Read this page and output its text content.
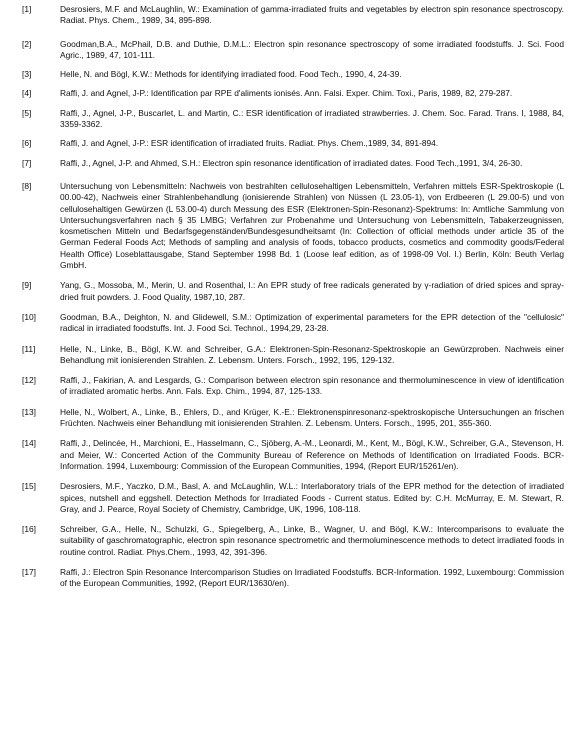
[1]	Desrosiers, M.F. and McLaughlin, W.: Examination of gamma-irradiated fruits and vegetables by electron spin resonance spectroscopy. Radiat. Phys. Chem., 1989, 34, 895-898.
[2]	Goodman,B.A., McPhail, D.B. and Duthie, D.M.L.: Electron spin resonance spectroscopy of some irradiated foodstuffs. J. Sci. Food Agric., 1989, 47, 101-111.
[3]	Helle, N. and Bögl, K.W.: Methods for identifying irradiated food. Food Tech., 1990, 4, 24-39.
[4]	Raffi, J. and Agnel, J-P.: Identification par RPE d'aliments ionisés. Ann. Falsi. Exper. Chim. Toxi., Paris, 1989, 82, 279-287.
[5]	Raffi, J., Agnel, J-P., Buscarlet, L. and Martin, C.: ESR identification of irradiated strawberries. J. Chem. Soc. Farad. Trans. I, 1988, 84, 3359-3362.
[6]	Raffi, J. and Agnel, J-P.: ESR identification of irradiated fruits. Radiat. Phys. Chem.,1989, 34, 891-894.
[7]	Raffi, J., Agnel, J-P. and Ahmed, S.H.: Electron spin resonance identification of irradiated dates. Food Tech.,1991, 3/4, 26-30.
[8]	Untersuchung von Lebensmitteln: Nachweis von bestrahlten cellulosehaltigen Lebensmitteln, Verfahren mittels ESR-Spektroskopie (L 00.00-42), Nachweis einer Strahlenbehandlung (ionisierende Strahlen) von Nüssen (L 23.05-1), von Erdbeeren (L 29.00-5) und von cellulosehaltigen Gewürzen (L 53.00-4) durch Messung des ESR (Elektronen-Spin-Resonanz)-Spektrums: In: Amtliche Sammlung von Untersuchungsverfahren nach § 35 LMBG; Verfahren zur Probenahme und Untersuchung von Lebensmitteln, Tabakerzeugnissen, kosmetischen Mitteln und Bedarfsgegenständen/Bundesgesundheitsamt (In: Collection of official methods under article 35 of the German Federal Foods Act; Methods of sampling and analysis of foods, tobacco products, cosmetics and commodity goods/Federal Health Office) Loseblattausgabe, Stand September 1998 Bd. 1 (Loose leaf edition, as of 1998-09 Vol. I.) Berlin, Köln: Beuth Verlag GmbH.
[9]	Yang, G., Mossoba, M., Merin, U. and Rosenthal, I.: An EPR study of free radicals generated by γ-radiation of dried spices and spray-dried fruit powders. J. Food Quality, 1987,10, 287.
[10]	Goodman, B.A., Deighton, N. and Glidewell, S.M.: Optimization of experimental parameters for the EPR detection of the "cellulosic" radical in irradiated foodstuffs. Int. J. Food Sci. Technol., 1994,29, 23-28.
[11]	Helle, N., Linke, B., Bögl, K.W. and Schreiber, G.A.: Elektronen-Spin-Resonanz-Spektroskopie an Gewürzproben. Nachweis einer Behandlung mit ionisierenden Strahlen. Z. Lebensm. Unters. Forsch., 1992, 195, 129-132.
[12]	Raffi, J., Fakirian, A. and Lesgards, G.: Comparison between electron spin resonance and thermoluminescence in view of identification of irradiated aromatic herbs. Ann. Fals. Exp. Chim., 1994, 87, 125-133.
[13]	Helle, N., Wolbert, A., Linke, B., Ehlers, D., and Krüger, K.-E.: Elektronenspinresonanz-spektroskopische Untersuchungen an frischen Früchten. Nachweis einer Behandlung mit ionisierenden Strahlen. Z. Lebensm. Unters. Forsch., 1995, 201, 355-360.
[14]	Raffi, J., Delincée, H., Marchioni, E., Hasselmann, C., Sjöberg, A.-M., Leonardi, M., Kent, M., Bögl, K.W., Schreiber, G.A., Stevenson, H. and Meier, W.: Concerted Action of the Community Bureau of Reference on Methods of Identification on Irradiated Foods. BCR-Information. 1994, Luxembourg: Commission of the European Communities, 1994, (Report EUR/15261/en).
[15]	Desrosiers, M.F., Yaczko, D.M., Basl, A. and McLaughlin, W.L.: Interlaboratory trials of the EPR method for the detection of irradiated spices, nutshell and eggshell. Detection Methods for Irradiated Foods - Current status. Edited by: C.H. McMurray, E. M. Stewart, R. Gray, and J. Pearce, Royal Society of Chemistry, Cambridge, UK, 1996, 108-118.
[16]	Schreiber, G.A., Helle, N., Schulzki, G., Spiegelberg, A., Linke, B., Wagner, U. and Bögl, K.W.: Intercomparisons to evaluate the suitability of gaschromatographic, electron spin resonance spectrometric and thermoluminescence methods to detect irradiated foods in routine control. Radiat. Phys.Chem., 1993, 42, 391-396.
[17]	Raffi, J.: Electron Spin Resonance Intercomparison Studies on Irradiated Foodstuffs. BCR-Information. 1992, Luxembourg: Commission of the European Communities, 1992, (Report EUR/13630/en).
